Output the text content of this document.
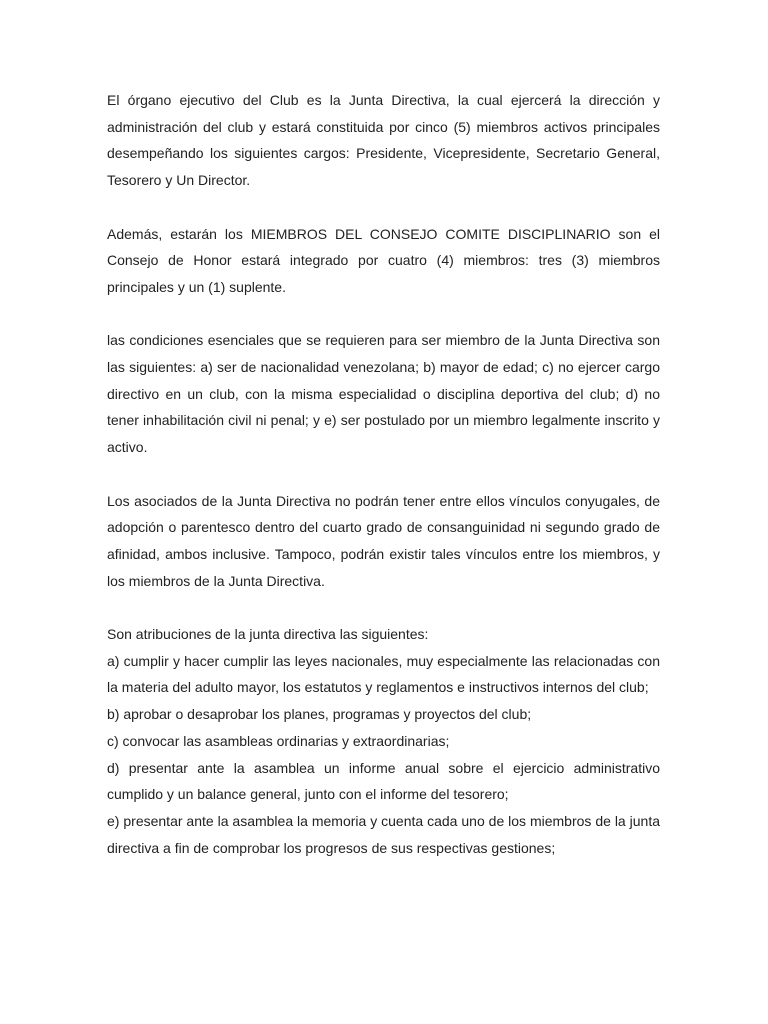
El órgano ejecutivo del Club es la Junta Directiva, la cual ejercerá la dirección y administración del club y estará constituida por cinco (5) miembros activos principales desempeñando los siguientes cargos: Presidente, Vicepresidente, Secretario General, Tesorero y Un Director.

Además, estarán los MIEMBROS DEL CONSEJO COMITE DISCIPLINARIO son el Consejo de Honor estará integrado por cuatro (4) miembros: tres (3) miembros principales y un (1) suplente.

las condiciones esenciales que se requieren para ser miembro de la Junta Directiva son las siguientes: a) ser de nacionalidad venezolana; b) mayor de edad; c) no ejercer cargo directivo en un club, con la misma especialidad o disciplina deportiva del club; d) no tener inhabilitación civil ni penal; y e) ser postulado por un miembro legalmente inscrito y activo.

Los asociados de la Junta Directiva no podrán tener entre ellos vínculos conyugales, de adopción o parentesco dentro del cuarto grado de consanguinidad ni segundo grado de afinidad, ambos inclusive. Tampoco, podrán existir tales vínculos entre los miembros, y los miembros de la Junta Directiva.

Son atribuciones de la junta directiva las siguientes:

a) cumplir y hacer cumplir las leyes nacionales, muy especialmente las relacionadas con la materia del adulto mayor, los estatutos y reglamentos e instructivos internos del club;

b) aprobar o desaprobar los planes, programas y proyectos del club;

c) convocar las asambleas ordinarias y extraordinarias;

d) presentar ante la asamblea un informe anual sobre el ejercicio administrativo cumplido y un balance general, junto con el informe del tesorero;

e) presentar ante la asamblea la memoria y cuenta cada uno de los miembros de la junta directiva a fin de comprobar los progresos de sus respectivas gestiones;
